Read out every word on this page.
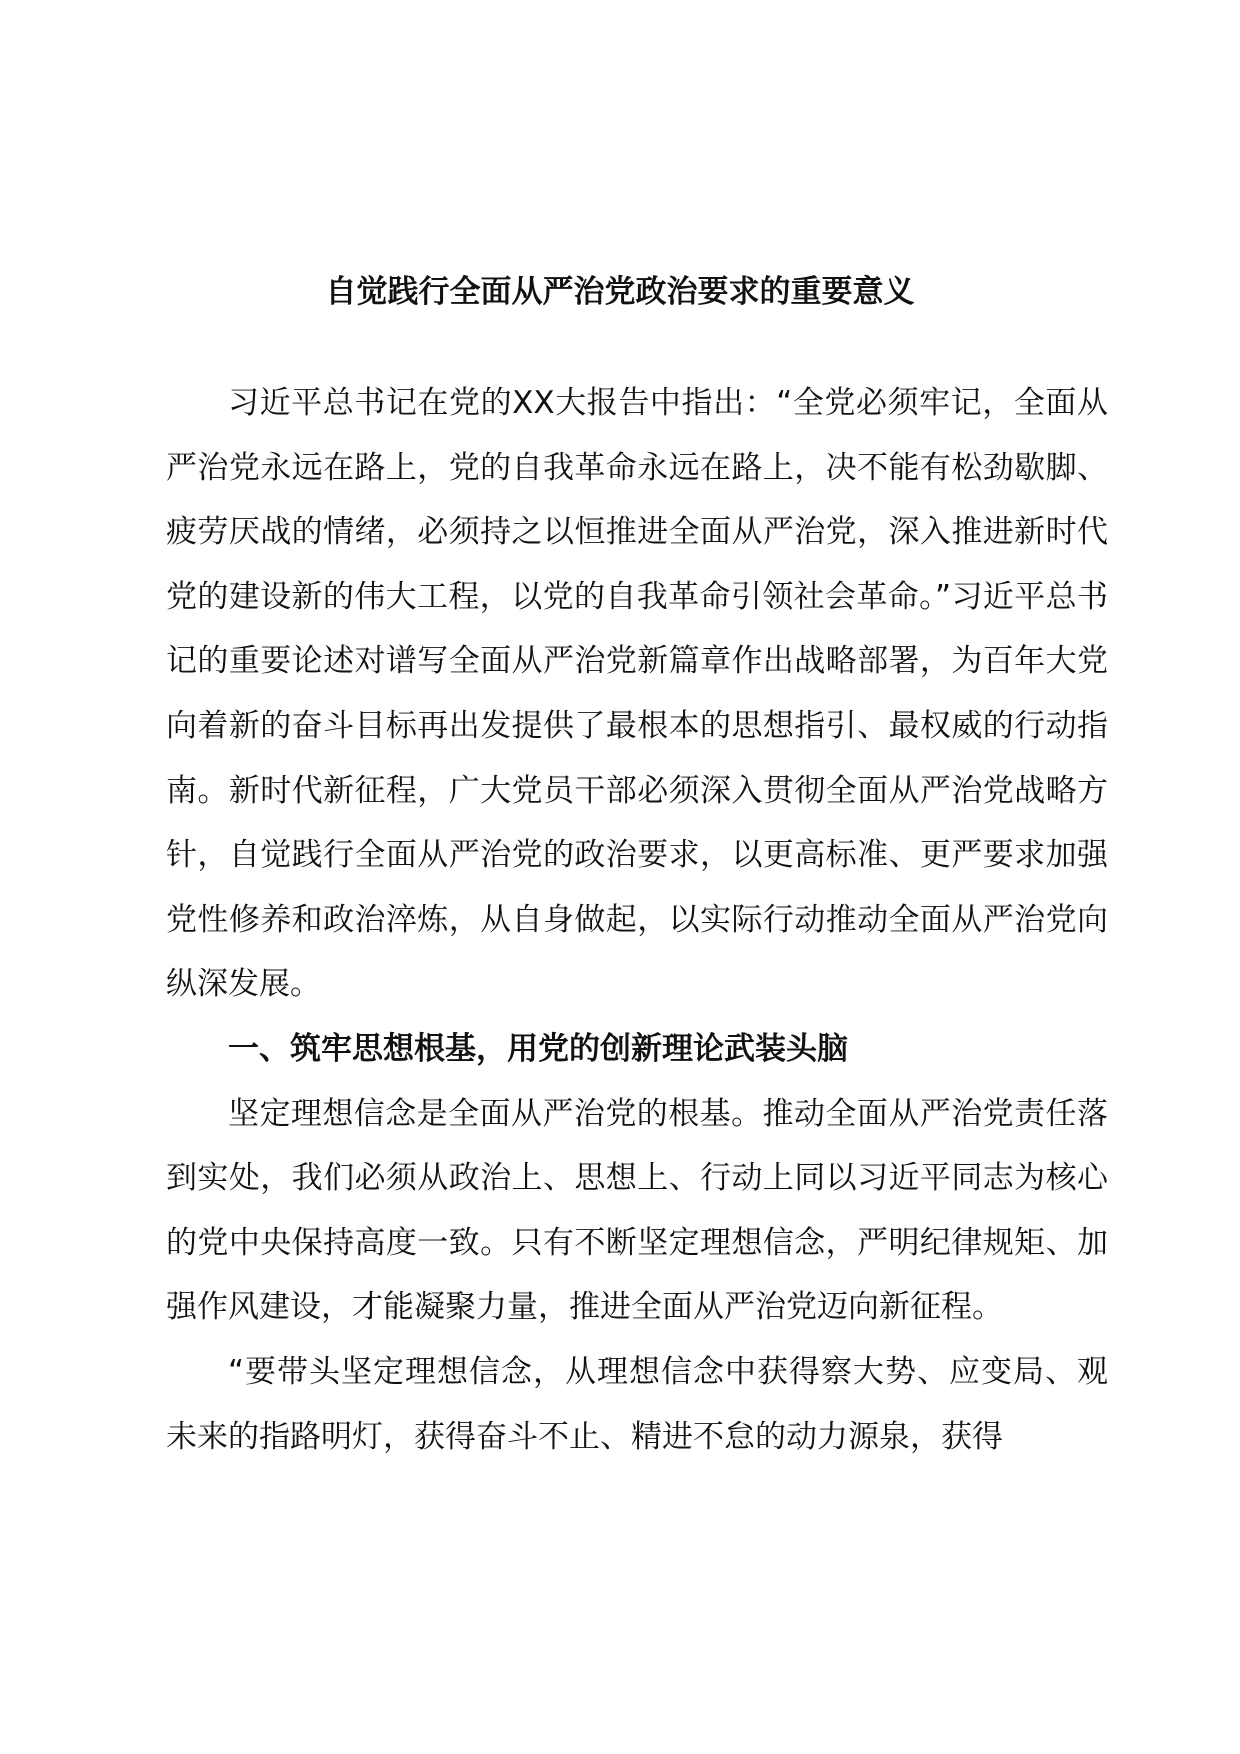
自觉践行全面从严治党政治要求的重要意义

习近平总书记在党的XX大报告中指出：“全党必须牢记，全面从严治党永远在路上，党的自我革命永远在路上，决不能有松劲歇脚、疲劳厌战的情绪，必须持之以恒推进全面从严治党，深入推进新时代党的建设新的伟大工程，以党的自我革命引领社会革命。”习近平总书记的重要论述对谱写全面从严治党新篇章作出战略部署，为百年大党向着新的奋斗目标再出发提供了最根本的思想指引、最权威的行动指南。新时代新征程，广大党员干部必须深入贯彻全面从严治党战略方针，自觉践行全面从严治党的政治要求，以更高标准、更严要求加强党性修养和政治淬炼，从自身做起，以实际行动推动全面从严治党向纵深发展。

一、筑牢思想根基，用党的创新理论武装头脑

坚定理想信念是全面从严治党的根基。推动全面从严治党责任落到实处，我们必须从政治上、思想上、行动上同以习近平同志为核心的党中央保持高度一致。只有不断坚定理想信念，严明纪律规矩、加强作风建设，才能凝聚力量，推进全面从严治党迈向新征程。

“要带头坚定理想信念，从理想信念中获得察大势、应变局、观未来的指路明灯，获得奋斗不止、精进不怠的动力源泉，获得
